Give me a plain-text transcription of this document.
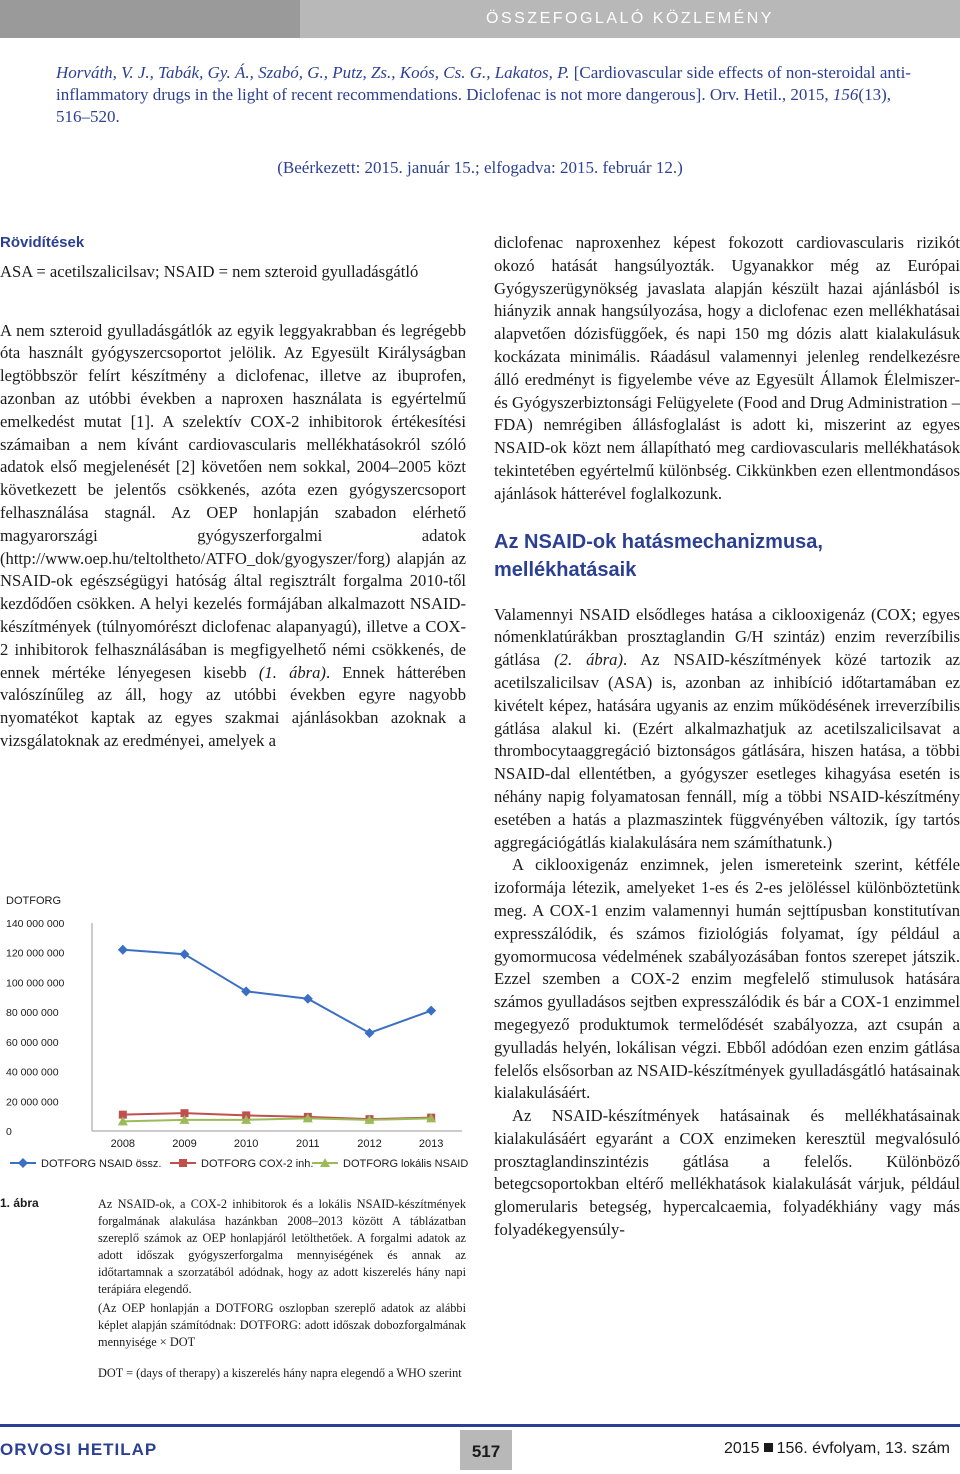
ÖSSZEFOGLALÓ KÖZLEMÉNY
Horváth, V. J., Tabák, Gy. Á., Szabó, G., Putz, Zs., Koós, Cs. G., Lakatos, P. [Cardiovascular side effects of non-steroidal anti-inflammatory drugs in the light of recent recommendations. Diclofenac is not more dangerous]. Orv. Hetil., 2015, 156(13), 516–520.
(Beérkezett: 2015. január 15.; elfogadva: 2015. február 12.)

Rövidítések

ASA = acetilszalicilsav; NSAID = nem szteroid gyulladásgátló

A nem szteroid gyulladásgátlók az egyik leggyakrabban és legrégebb óta használt gyógyszercsoportot jelölik. Az Egyesült Királyságban legtöbbször felírt készítmény a diclofenac, illetve az ibuprofen, azonban az utóbbi években a naproxen használata is egyértelmű emelkedést mutat [1]. A szelektív COX-2 inhibitorok értékesítési számaiban a nem kívánt cardiovascularis mellékhatásokról szóló adatok első megjelenését [2] követően nem sokkal, 2004–2005 közt következett be jelentős csökkenés, azóta ezen gyógyszercsoport felhasználása stagnál. Az OEP honlapján szabadon elérhető magyarországi gyógyszerforgalmi adatok (http://www.oep.hu/teltoltheto/ATFO_dok/gyogyszer/forg) alapján az NSAID-ok egészségügyi hatóság által regisztrált forgalma 2010-től kezdődően csökken. A helyi kezelés formájában alkalmazott NSAID-készítmények (túlnyomórészt diclofenac alapanyagú), illetve a COX-2 inhibitorok felhasználásában is megfigyelhető némi csökkenés, de ennek mértéke lényegesen kisebb (1. ábra). Ennek hátterében valószínűleg az áll, hogy az utóbbi években egyre nagyobb nyomatékot kaptak az egyes szakmai ajánlásokban azoknak a vizsgálatoknak az eredményei, amelyek a

diclofenac naproxenhez képest fokozott cardiovascularis rizikót okozó hatását hangsúlyozták. Ugyanakkor még az Európai Gyógyszerügynökség javaslata alapján készült hazai ajánlásból is hiányzik annak hangsúlyozása, hogy a diclofenac ezen mellékhatásai alapvetően dózisfüggőek, és napi 150 mg dózis alatt kialakulásuk kockázata minimális. Ráadásul valamennyi jelenleg rendelkezésre álló eredményt is figyelembe véve az Egyesült Államok Élelmiszer- és Gyógyszerbiztonsági Felügyelete (Food and Drug Administration – FDA) nemrégiben állásfoglalást is adott ki, miszerint az egyes NSAID-ok közt nem állapítható meg cardiovascularis mellékhatások tekintetében egyértelmű különbség. Cikkünkben ezen ellentmondásos ajánlások hátterével foglalkozunk.

Az NSAID-ok hatásmechanizmusa, mellékhatásaik

Valamennyi NSAID elsődleges hatása a ciklooxigenáz (COX; egyes nómenklatúrákban prosztaglandin G/H szintáz) enzim reverzíbilis gátlása (2. ábra). Az NSAID-készítmények közé tartozik az acetilszalicilsav (ASA) is, azonban az inhibíció időtartamában ez kivételt képez, hatására ugyanis az enzim működésének irreverzíbilis gátlása alakul ki. (Ezért alkalmazhatjuk az acetilszalicilsavat a thrombocytaaggregáció biztonságos gátlására, hiszen hatása, a többi NSAID-dal ellentétben, a gyógyszer esetleges kihagyása esetén is néhány napig folyamatosan fennáll, míg a többi NSAID-készítmény esetében a hatás a plazmaszintek függvényében változik, így tartós aggregációgátlás kialakulására nem számíthatunk.)

A ciklooxigenáz enzimnek, jelen ismereteink szerint, kétféle izoformája létezik, amelyeket 1-es és 2-es jelöléssel különböztetünk meg. A COX-1 enzim valamennyi humán sejttípusban konstitutívan expresszálódik, és számos fiziológiás folyamat, így például a gyomormucosa védelmének szabályozásában fontos szerepet játszik. Ezzel szemben a COX-2 enzim megfelelő stimulusok hatására számos gyulladásos sejtben expresszálódik és bár a COX-1 enzimmel megegyező produktumok termelődését szabályozza, azt csupán a gyulladás helyén, lokálisan végzi. Ebből adódóan ezen enzim gátlása felelős elsősorban az NSAID-készítmények gyulladásgátló hatásainak kialakulásáért.

Az NSAID-készítmények hatásainak és mellékhatásainak kialakulásáért egyaránt a COX enzimeken keresztül megvalósuló prosztaglandinszintézis gátlása a felelős. Különböző betegcsoportokban eltérő mellékhatások kialakulását várjuk, például glomerularis betegség, hypercalcaemia, folyadékhiány vagy más folyadékegyensúly-

DOTFORG
0
20 000 000
40 000 000
60 000 000
80 000 000
100 000 000
120 000 000
140 000 000
2008	2009	2010	2011	2012	2013
DOTFORG NSAID össz.	DOTFORG COX-2 inh.	DOTFORG lokális NSAID
1. ábra	Az NSAID-ok, a COX-2 inhibitorok és a lokális NSAID-készítmények forgalmának alakulása hazánkban 2008–2013 között A táblázatban szereplő számok az OEP honlapjáról letölthetőek. A forgalmi adatok az adott időszak gyógyszerforgalma mennyiségének és annak az időtartamnak a szorzatából adódnak, hogy az adott kiszerelés hány napi terápiára elegendő.

(Az OEP honlapján a DOTFORG oszlopban szereplő adatok az alábbi képlet alapján számítódnak: DOTFORG: adott időszak dobozforgalmának mennyisége × DOT

DOT = (days of therapy) a kiszerelés hány napra elegendő a WHO szerint

ORVOSI HETILAP	517	2015 156. évfolyam, 13. szám
